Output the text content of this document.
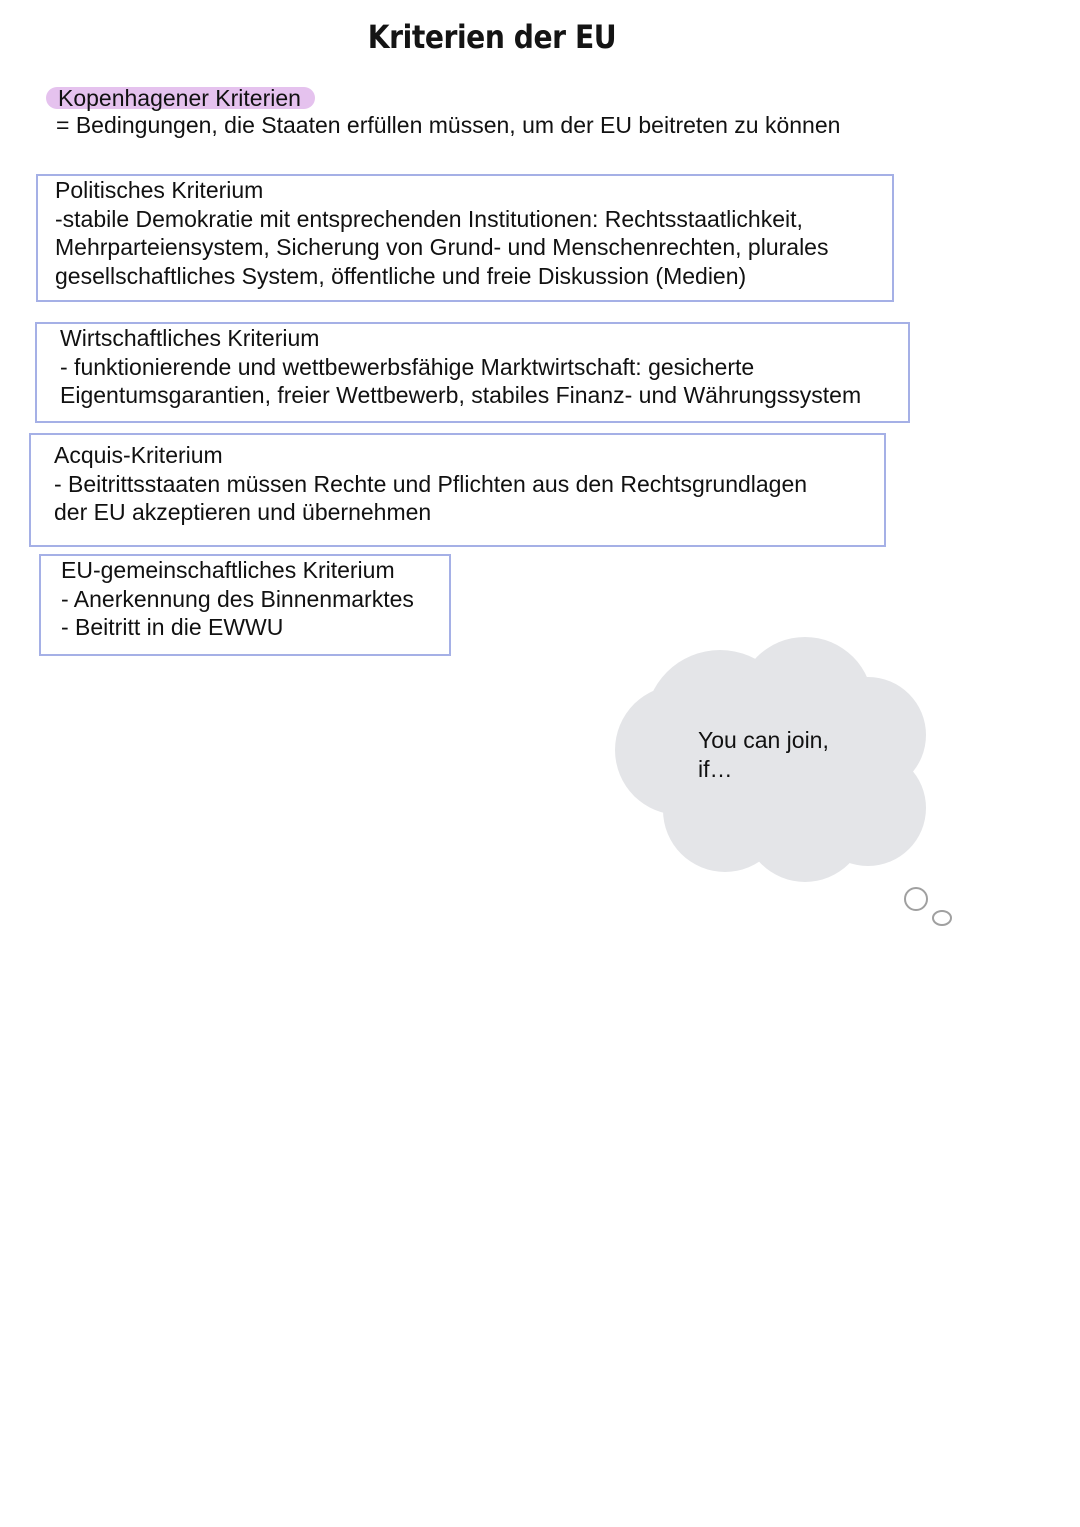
Kriterien der EU
Kopenhagener Kriterien
= Bedingungen, die Staaten erfüllen müssen, um der EU beitreten zu können
Politisches Kriterium
-stabile Demokratie mit entsprechenden Institutionen: Rechtsstaatlichkeit,
Mehrparteiensystem, Sicherung von Grund- und Menschenrechten, plurales
gesellschaftliches System, öffentliche und freie Diskussion (Medien)
Wirtschaftliches Kriterium
- funktionierende und wettbewerbsfähige Marktwirtschaft: gesicherte
Eigentumsgarantien, freier Wettbewerb, stabiles Finanz- und Währungssystem
Acquis-Kriterium
- Beitrittsstaaten müssen Rechte und Pflichten aus den Rechtsgrundlagen
der EU akzeptieren und übernehmen
EU-gemeinschaftliches Kriterium
- Anerkennung des Binnenmarktes
- Beitritt in die EWWU
You can join,
if…
